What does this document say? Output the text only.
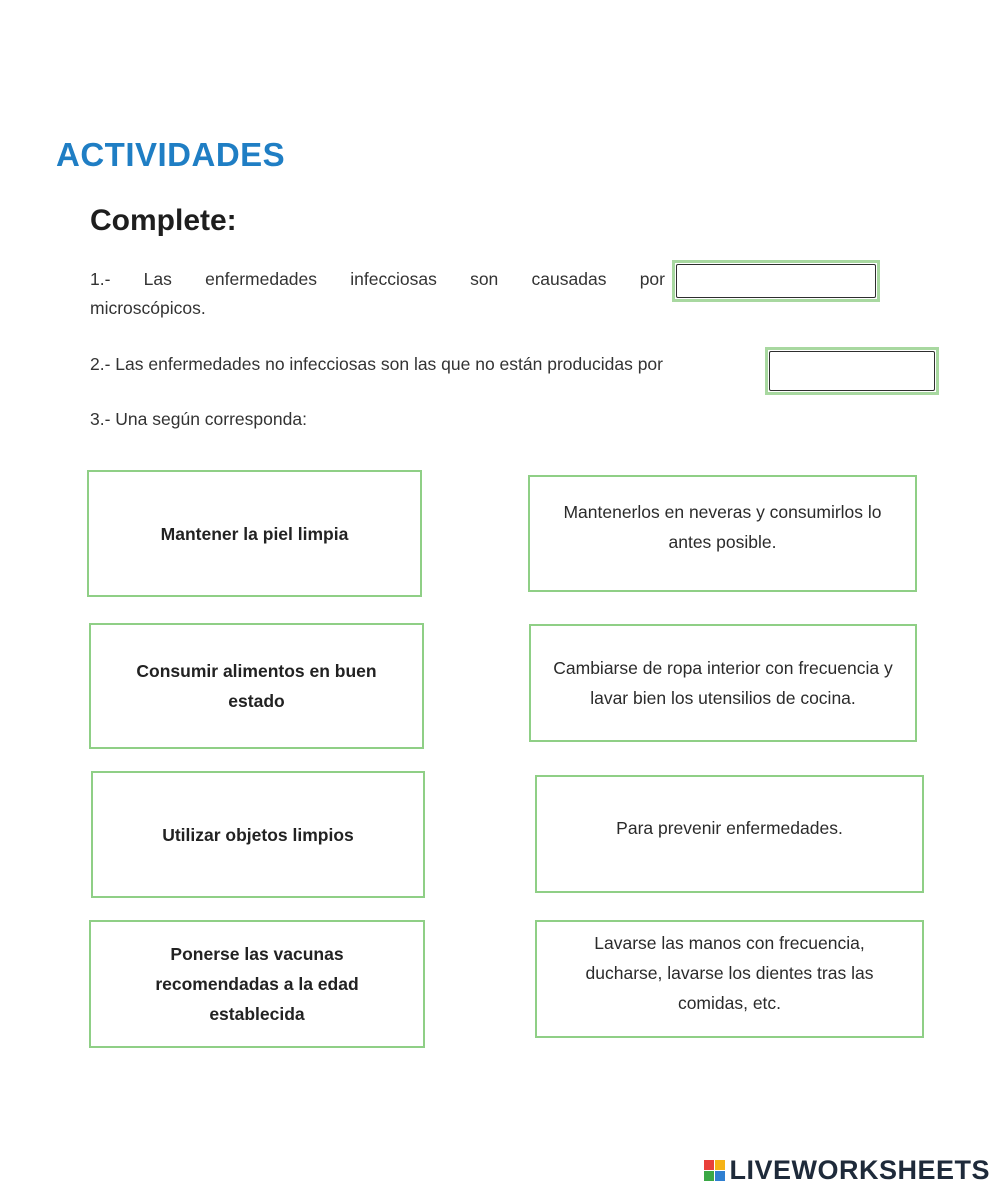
ACTIVIDADES
Complete:
1.- Las enfermedades infecciosas son causadas por
microscópicos.
2.- Las enfermedades no infecciosas son las que no están producidas por
3.- Una según corresponda:
Mantener la piel limpia
Consumir alimentos en buen estado
Utilizar objetos limpios
Ponerse las vacunas recomendadas a la edad establecida
Mantenerlos en neveras y consumirlos lo antes posible.
Cambiarse de ropa interior con frecuencia y lavar bien los utensilios de cocina.
Para prevenir enfermedades.
Lavarse las manos con frecuencia, ducharse, lavarse los dientes tras las comidas, etc.
LIVEWORKSHEETS
